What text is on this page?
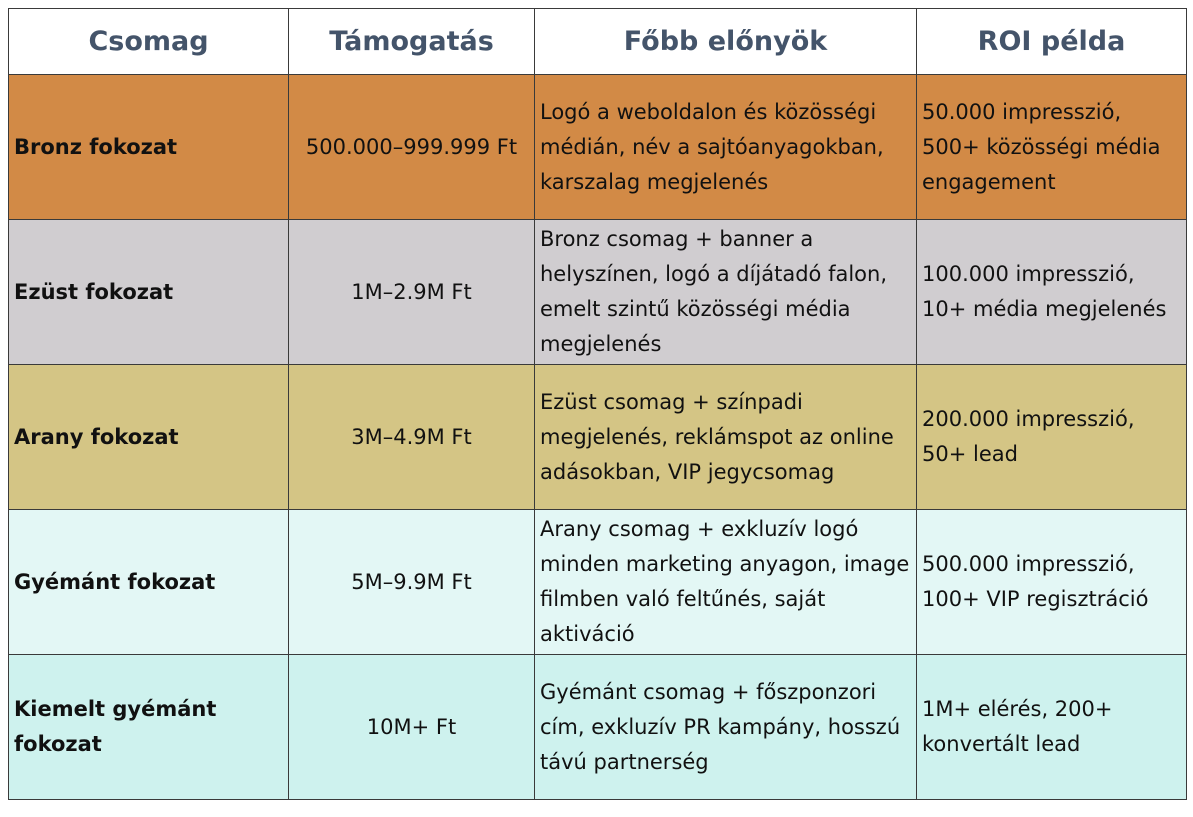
Csomag	Támogatás	Főbb előnyök	ROI példa
Bronz fokozat	500.000–999.999 Ft	Logó a weboldalon és közösségi médián, név a sajtóanyagokban, karszalag megjelenés	50.000 impresszió, 500+ közösségi média engagement
Ezüst fokozat	1M–2.9M Ft	Bronz csomag + banner a helyszínen, logó a díjátadó falon, emelt szintű közösségi média megjelenés	100.000 impresszió, 10+ média megjelenés
Arany fokozat	3M–4.9M Ft	Ezüst csomag + színpadi megjelenés, reklámspot az online adásokban, VIP jegycsomag	200.000 impresszió, 50+ lead
Gyémánt fokozat	5M–9.9M Ft	Arany csomag + exkluzív logó minden marketing anyagon, image filmben való feltűnés, saját aktiváció	500.000 impresszió, 100+ VIP regisztráció
Kiemelt gyémánt fokozat	10M+ Ft	Gyémánt csomag + főszponzori cím, exkluzív PR kampány, hosszú távú partnerség	1M+ elérés, 200+ konvertált lead
